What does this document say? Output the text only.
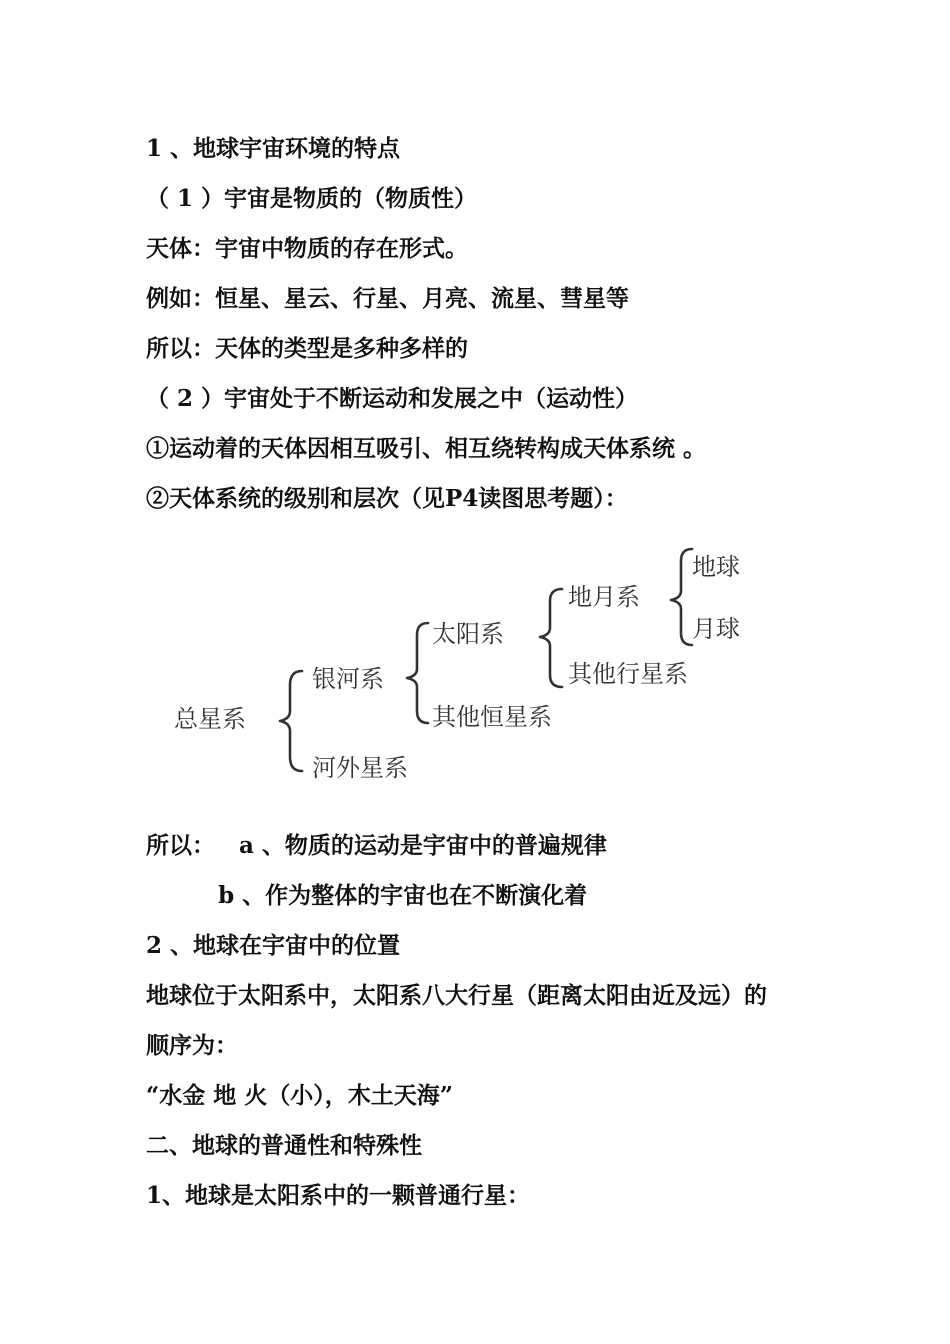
1 、地球宇宙环境的特点
（ 1 ）宇宙是物质的（物质性）
天体：宇宙中物质的存在形式。
例如：恒星、星云、行星、月亮、流星、彗星等
所以：天体的类型是多种多样的
（ 2 ）宇宙处于不断运动和发展之中（运动性）
①运动着的天体因相互吸引、相互绕转构成天体系统 。
②天体系统的级别和层次（见P4读图思考题）：
总星系
银河系
河外星系
太阳系
其他恒星系
地月系
其他行星系
地球
月球
所以：   a 、物质的运动是宇宙中的普遍规律
b 、作为整体的宇宙也在不断演化着
2 、地球在宇宙中的位置
地球位于太阳系中，太阳系八大行星（距离太阳由近及远）的
顺序为：
“水金 地 火（小），木土天海”
二、地球的普通性和特殊性
1、地球是太阳系中的一颗普通行星：
